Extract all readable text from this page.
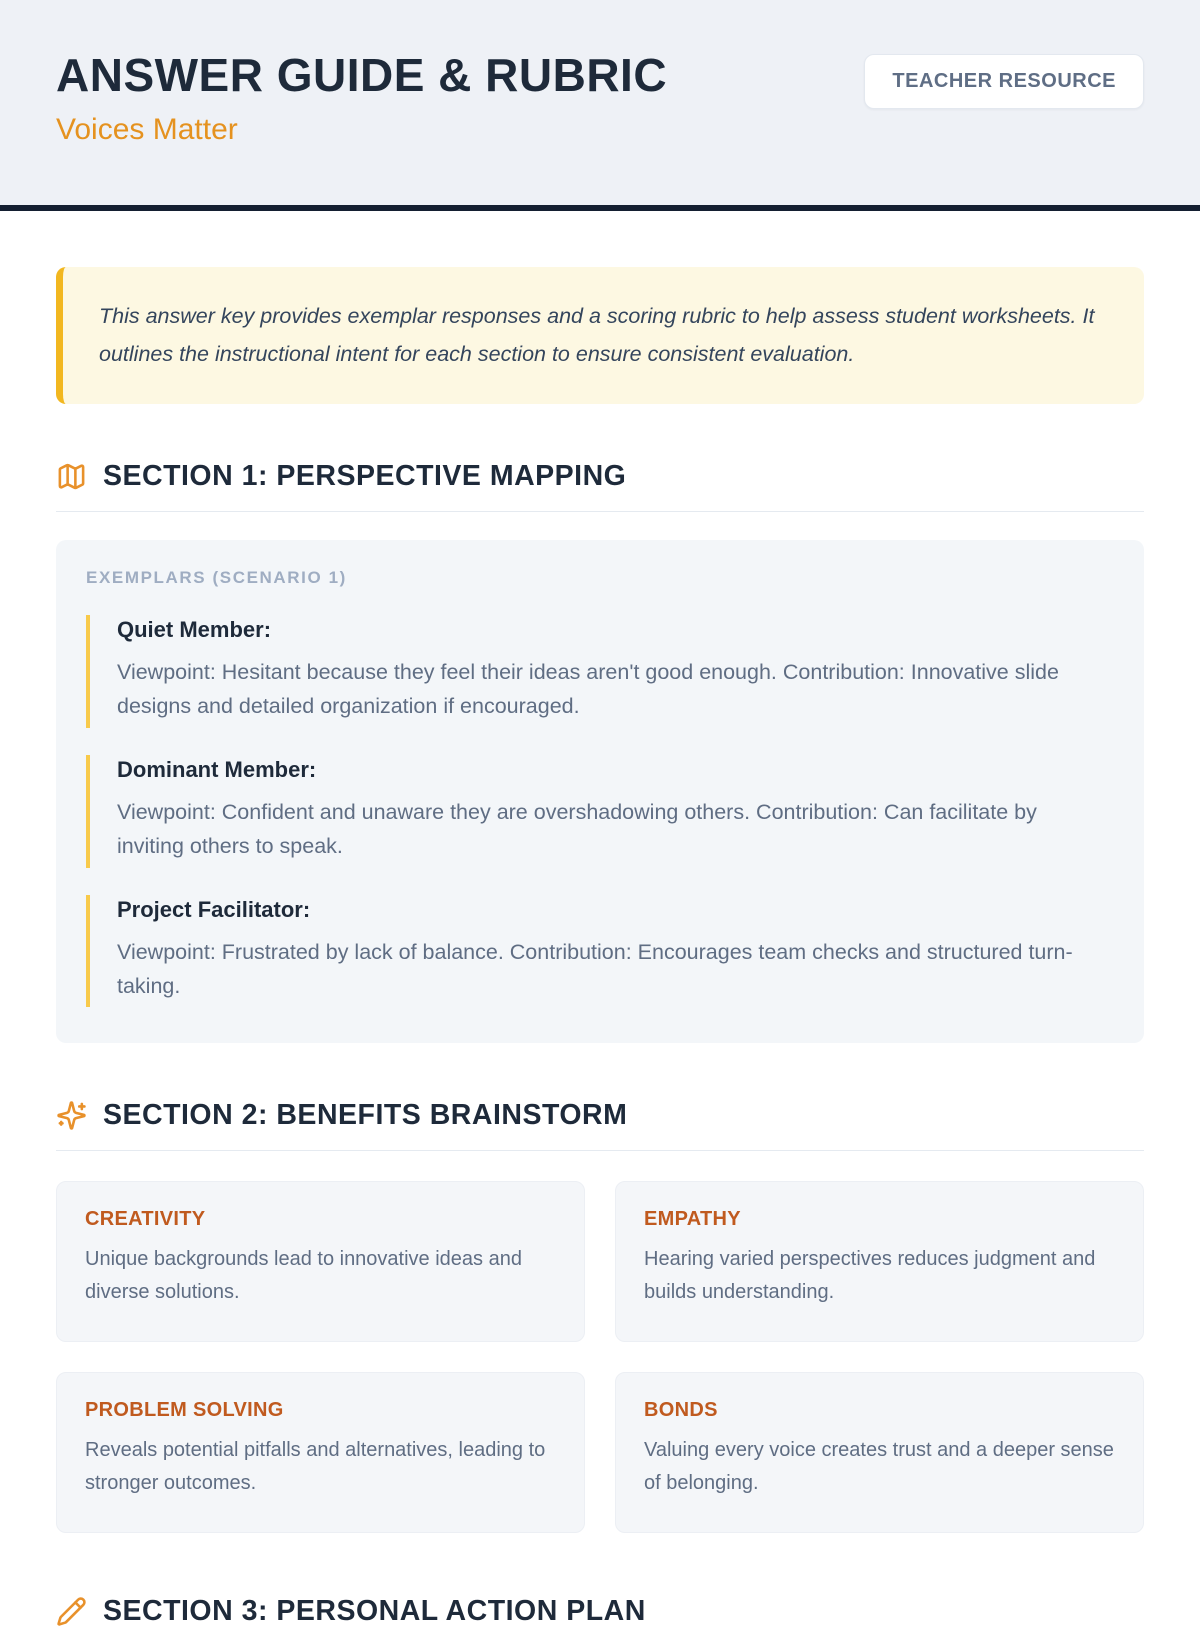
ANSWER GUIDE & RUBRIC
Voices Matter
TEACHER RESOURCE

This answer key provides exemplar responses and a scoring rubric to help assess student worksheets. It outlines the instructional intent for each section to ensure consistent evaluation.

SECTION 1: PERSPECTIVE MAPPING
EXEMPLARS (SCENARIO 1)
Quiet Member:
Viewpoint: Hesitant because they feel their ideas aren't good enough. Contribution: Innovative slide designs and detailed organization if encouraged.
Dominant Member:
Viewpoint: Confident and unaware they are overshadowing others. Contribution: Can facilitate by inviting others to speak.
Project Facilitator:
Viewpoint: Frustrated by lack of balance. Contribution: Encourages team checks and structured turn-taking.
SECTION 2: BENEFITS BRAINSTORM
CREATIVITY
Unique backgrounds lead to innovative ideas and diverse solutions.
EMPATHY
Hearing varied perspectives reduces judgment and builds understanding.
PROBLEM SOLVING
Reveals potential pitfalls and alternatives, leading to stronger outcomes.
BONDS
Valuing every voice creates trust and a deeper sense of belonging.
SECTION 3: PERSONAL ACTION PLAN
